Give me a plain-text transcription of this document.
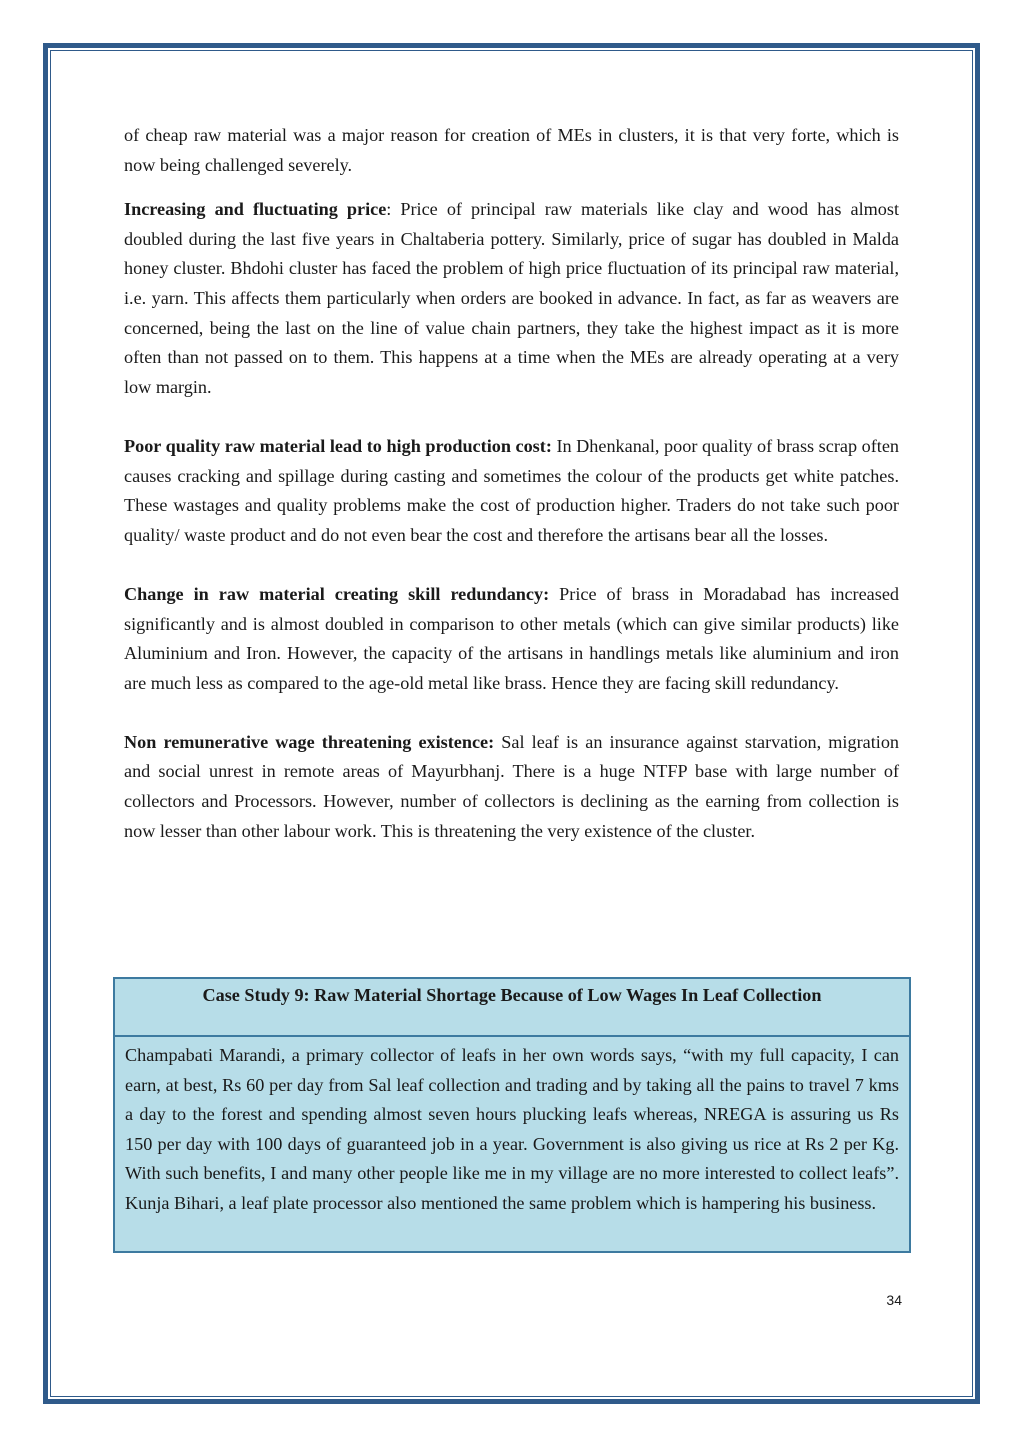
of cheap raw material was a major reason for creation of MEs in clusters, it is that very forte, which is now being challenged severely.

Increasing and fluctuating price: Price of principal raw materials like clay and wood has almost doubled during the last five years in Chaltaberia pottery. Similarly, price of sugar has doubled in Malda honey cluster. Bhdohi cluster has faced the problem of high price fluctuation of its principal raw material, i.e. yarn. This affects them particularly when orders are booked in advance. In fact, as far as weavers are concerned, being the last on the line of value chain partners, they take the highest impact as it is more often than not passed on to them. This happens at a time when the MEs are already operating at a very low margin.

Poor quality raw material lead to high production cost: In Dhenkanal, poor quality of brass scrap often causes cracking and spillage during casting and sometimes the colour of the products get white patches. These wastages and quality problems make the cost of production higher. Traders do not take such poor quality/ waste product and do not even bear the cost and therefore the artisans bear all the losses.

Change in raw material creating skill redundancy: Price of brass in Moradabad has increased significantly and is almost doubled in comparison to other metals (which can give similar products) like Aluminium and Iron. However, the capacity of the artisans in handlings metals like aluminium and iron are much less as compared to the age-old metal like brass. Hence they are facing skill redundancy.

Non remunerative wage threatening existence: Sal leaf is an insurance against starvation, migration and social unrest in remote areas of Mayurbhanj. There is a huge NTFP base with large number of collectors and Processors. However, number of collectors is declining as the earning from collection is now lesser than other labour work. This is threatening the very existence of the cluster.

Case Study 9: Raw Material Shortage Because of Low Wages In Leaf Collection
Champabati Marandi, a primary collector of leafs in her own words says, “with my full capacity, I can earn, at best, Rs 60 per day from Sal leaf collection and trading and by taking all the pains to travel 7 kms a day to the forest and spending almost seven hours plucking leafs whereas, NREGA is assuring us Rs 150 per day with 100 days of guaranteed job in a year. Government is also giving us rice at Rs 2 per Kg. With such benefits, I and many other people like me in my village are no more interested to collect leafs”. Kunja Bihari, a leaf plate processor also mentioned the same problem which is hampering his business.
34
